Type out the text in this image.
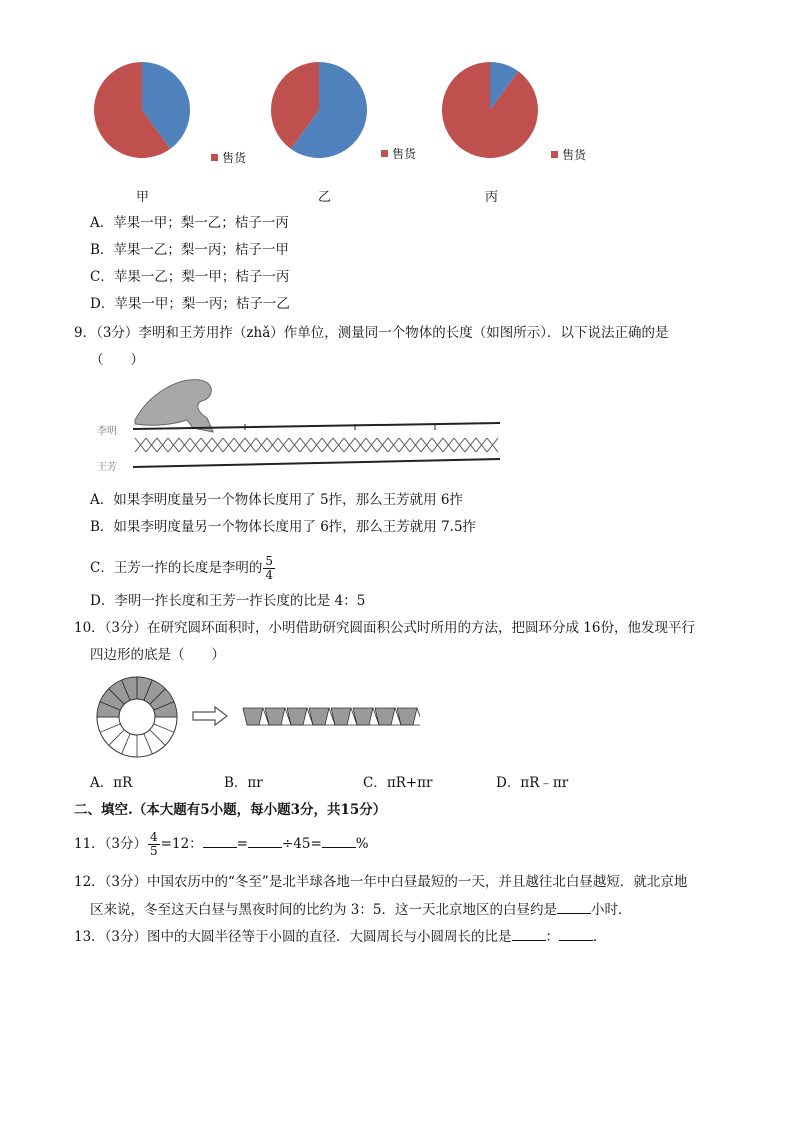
售货	售货	售货
甲	乙	丙
A．苹果一甲；梨一乙；桔子一丙
B．苹果一乙；梨一丙；桔子一甲
C．苹果一乙；梨一甲；桔子一丙
D．苹果一甲；梨一丙；桔子一乙
9．（3分）李明和王芳用拃（zhǎ）作单位，测量同一个物体的长度（如图所示）．以下说法正确的是
（　　）
李明
王芳
A．如果李明度量另一个物体长度用了 5拃，那么王芳就用 6拃
B．如果李明度量另一个物体长度用了 6拃，那么王芳就用 7.5拃
C．王芳一拃的长度是李明的 $\frac{5}{4}$
D．李明一拃长度和王芳一拃长度的比是 4：5
10．（3分）在研究圆环面积时，小明借助研究圆面积公式时所用的方法，把圆环分成 16份，他发现平行
四边形的底是（　　）
A．πR	B．πr	C．πR+πr	D．πR﹣πr
二、填空.（本大题有5小题，每小题3分，共15分）
11．（3分） $\frac{4}{5} =12$：	=	÷45=	%
12．（3分）中国农历中的“冬至”是北半球各地一年中白昼最短的一天，并且越往北白昼越短．就北京地
区来说，冬至这天白昼与黑夜时间的比约为 3：5．这一天北京地区的白昼约是	小时．
13．（3分）图中的大圆半径等于小圆的直径．大圆周长与小圆周长的比是	：	．
